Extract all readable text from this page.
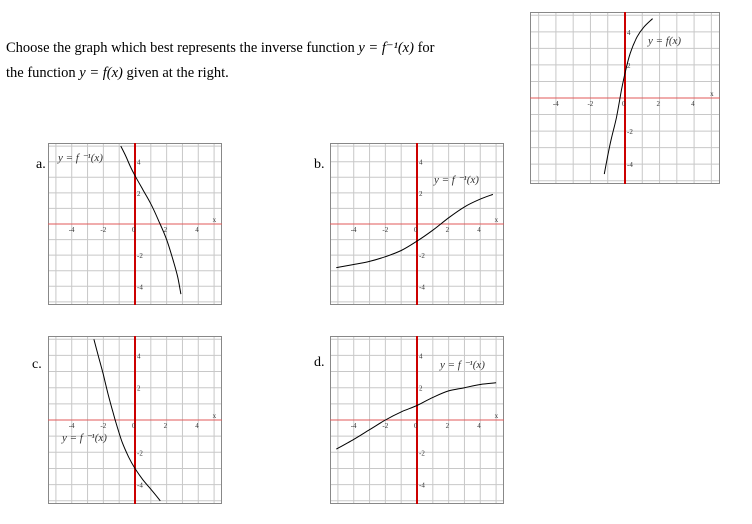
Choose the graph which best represents the inverse function y = f⁻¹(x) for
the function y = f(x) given at the right.
a.	b.
c.	d.
-4	-2	0	2	4
x
4
2
-2
-4
y = f(x)
-4	-2	0	2	4
x
4
2
-2
-4
y = f ⁻¹(x)
-4	-2	0	2	4
x
4
2
-2
-4
y = f ⁻¹(x)
-4	-2	0	2	4
x
4
2
-2
-4
y = f ⁻¹(x)
-4	-2	0	2	4
x
4
2
-2
-4
y = f ⁻¹(x)
